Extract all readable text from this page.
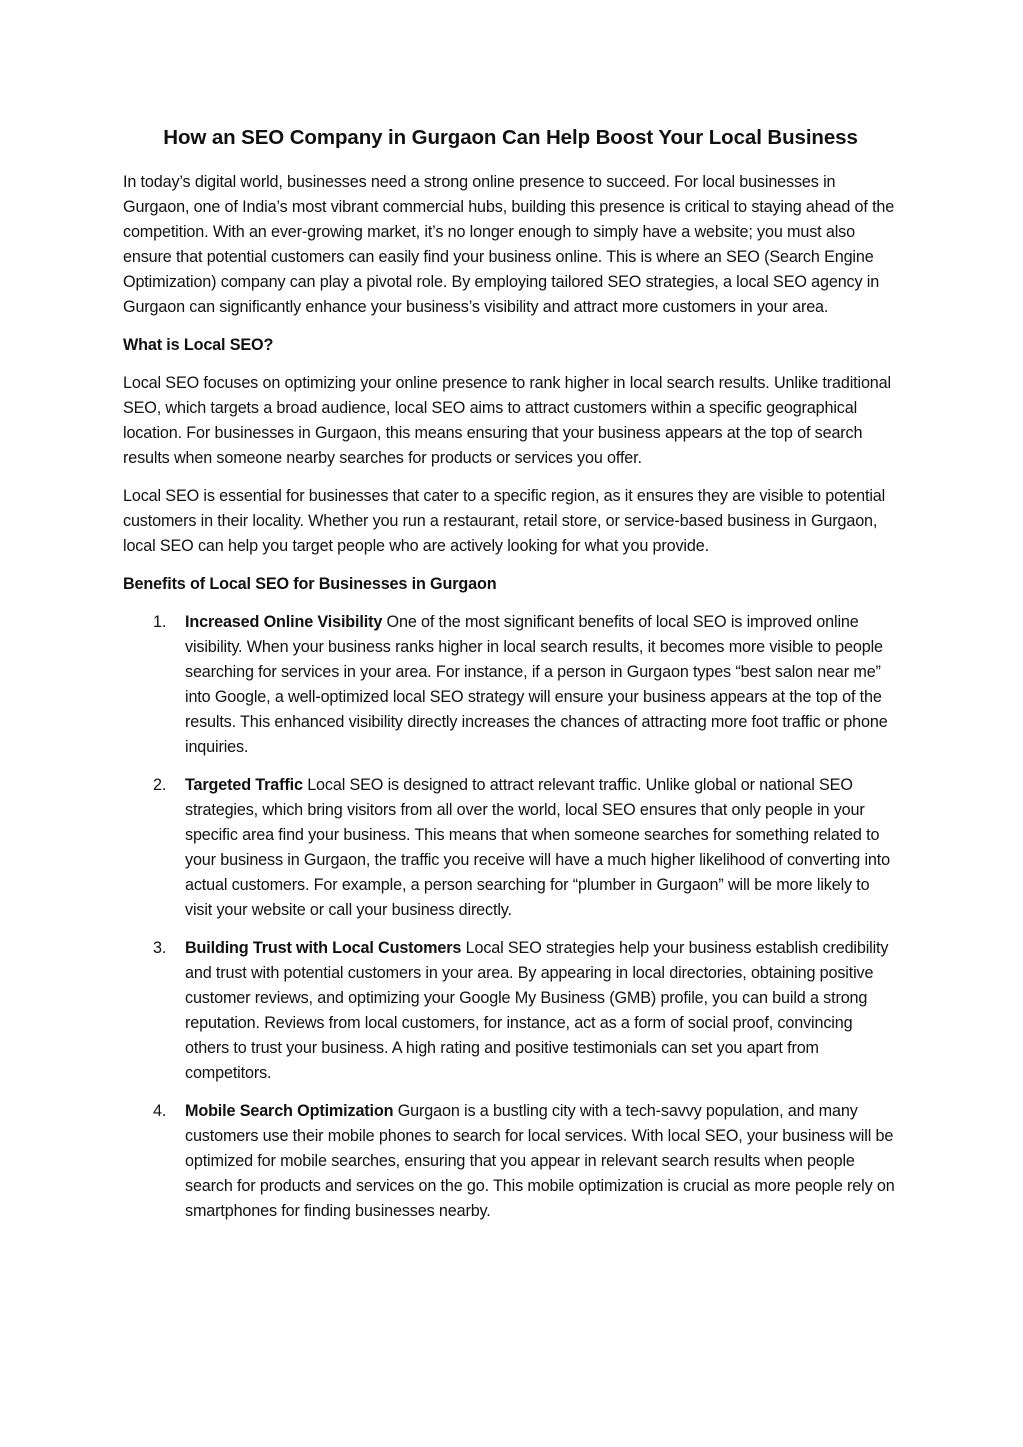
How an SEO Company in Gurgaon Can Help Boost Your Local Business

In today’s digital world, businesses need a strong online presence to succeed. For local businesses in Gurgaon, one of India’s most vibrant commercial hubs, building this presence is critical to staying ahead of the competition. With an ever-growing market, it’s no longer enough to simply have a website; you must also ensure that potential customers can easily find your business online. This is where an SEO (Search Engine Optimization) company can play a pivotal role. By employing tailored SEO strategies, a local SEO agency in Gurgaon can significantly enhance your business’s visibility and attract more customers in your area.

What is Local SEO?

Local SEO focuses on optimizing your online presence to rank higher in local search results. Unlike traditional SEO, which targets a broad audience, local SEO aims to attract customers within a specific geographical location. For businesses in Gurgaon, this means ensuring that your business appears at the top of search results when someone nearby searches for products or services you offer.

Local SEO is essential for businesses that cater to a specific region, as it ensures they are visible to potential customers in their locality. Whether you run a restaurant, retail store, or service-based business in Gurgaon, local SEO can help you target people who are actively looking for what you provide.

Benefits of Local SEO for Businesses in Gurgaon

1. Increased Online Visibility One of the most significant benefits of local SEO is improved online visibility. When your business ranks higher in local search results, it becomes more visible to people searching for services in your area. For instance, if a person in Gurgaon types “best salon near me” into Google, a well-optimized local SEO strategy will ensure your business appears at the top of the results. This enhanced visibility directly increases the chances of attracting more foot traffic or phone inquiries.
2. Targeted Traffic Local SEO is designed to attract relevant traffic. Unlike global or national SEO strategies, which bring visitors from all over the world, local SEO ensures that only people in your specific area find your business. This means that when someone searches for something related to your business in Gurgaon, the traffic you receive will have a much higher likelihood of converting into actual customers. For example, a person searching for “plumber in Gurgaon” will be more likely to visit your website or call your business directly.
3. Building Trust with Local Customers Local SEO strategies help your business establish credibility and trust with potential customers in your area. By appearing in local directories, obtaining positive customer reviews, and optimizing your Google My Business (GMB) profile, you can build a strong reputation. Reviews from local customers, for instance, act as a form of social proof, convincing others to trust your business. A high rating and positive testimonials can set you apart from competitors.
4. Mobile Search Optimization Gurgaon is a bustling city with a tech-savvy population, and many customers use their mobile phones to search for local services. With local SEO, your business will be optimized for mobile searches, ensuring that you appear in relevant search results when people search for products and services on the go. This mobile optimization is crucial as more people rely on smartphones for finding businesses nearby.
